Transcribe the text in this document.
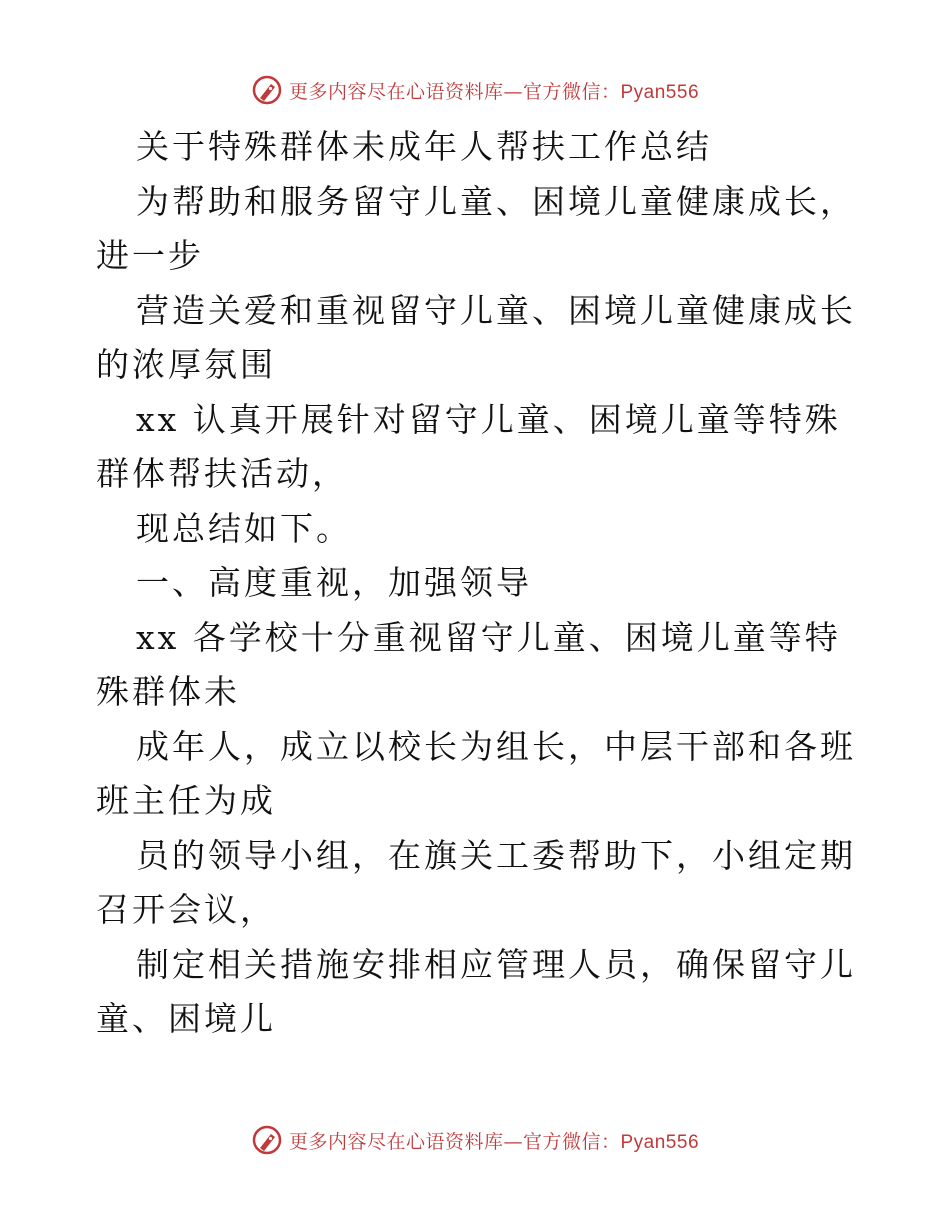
更多内容尽在心语资料库—官方微信：Pyan556

关于特殊群体未成年人帮扶工作总结

为帮助和服务留守儿童、困境儿童健康成长，进一步

营造关爱和重视留守儿童、困境儿童健康成长的浓厚氛围

xx 认真开展针对留守儿童、困境儿童等特殊群体帮扶活动，

现总结如下。

一、高度重视，加强领导

xx 各学校十分重视留守儿童、困境儿童等特殊群体未

成年人，成立以校长为组长，中层干部和各班班主任为成

员的领导小组，在旗关工委帮助下，小组定期召开会议，

制定相关措施安排相应管理人员，确保留守儿童、困境儿

更多内容尽在心语资料库—官方微信：Pyan556
